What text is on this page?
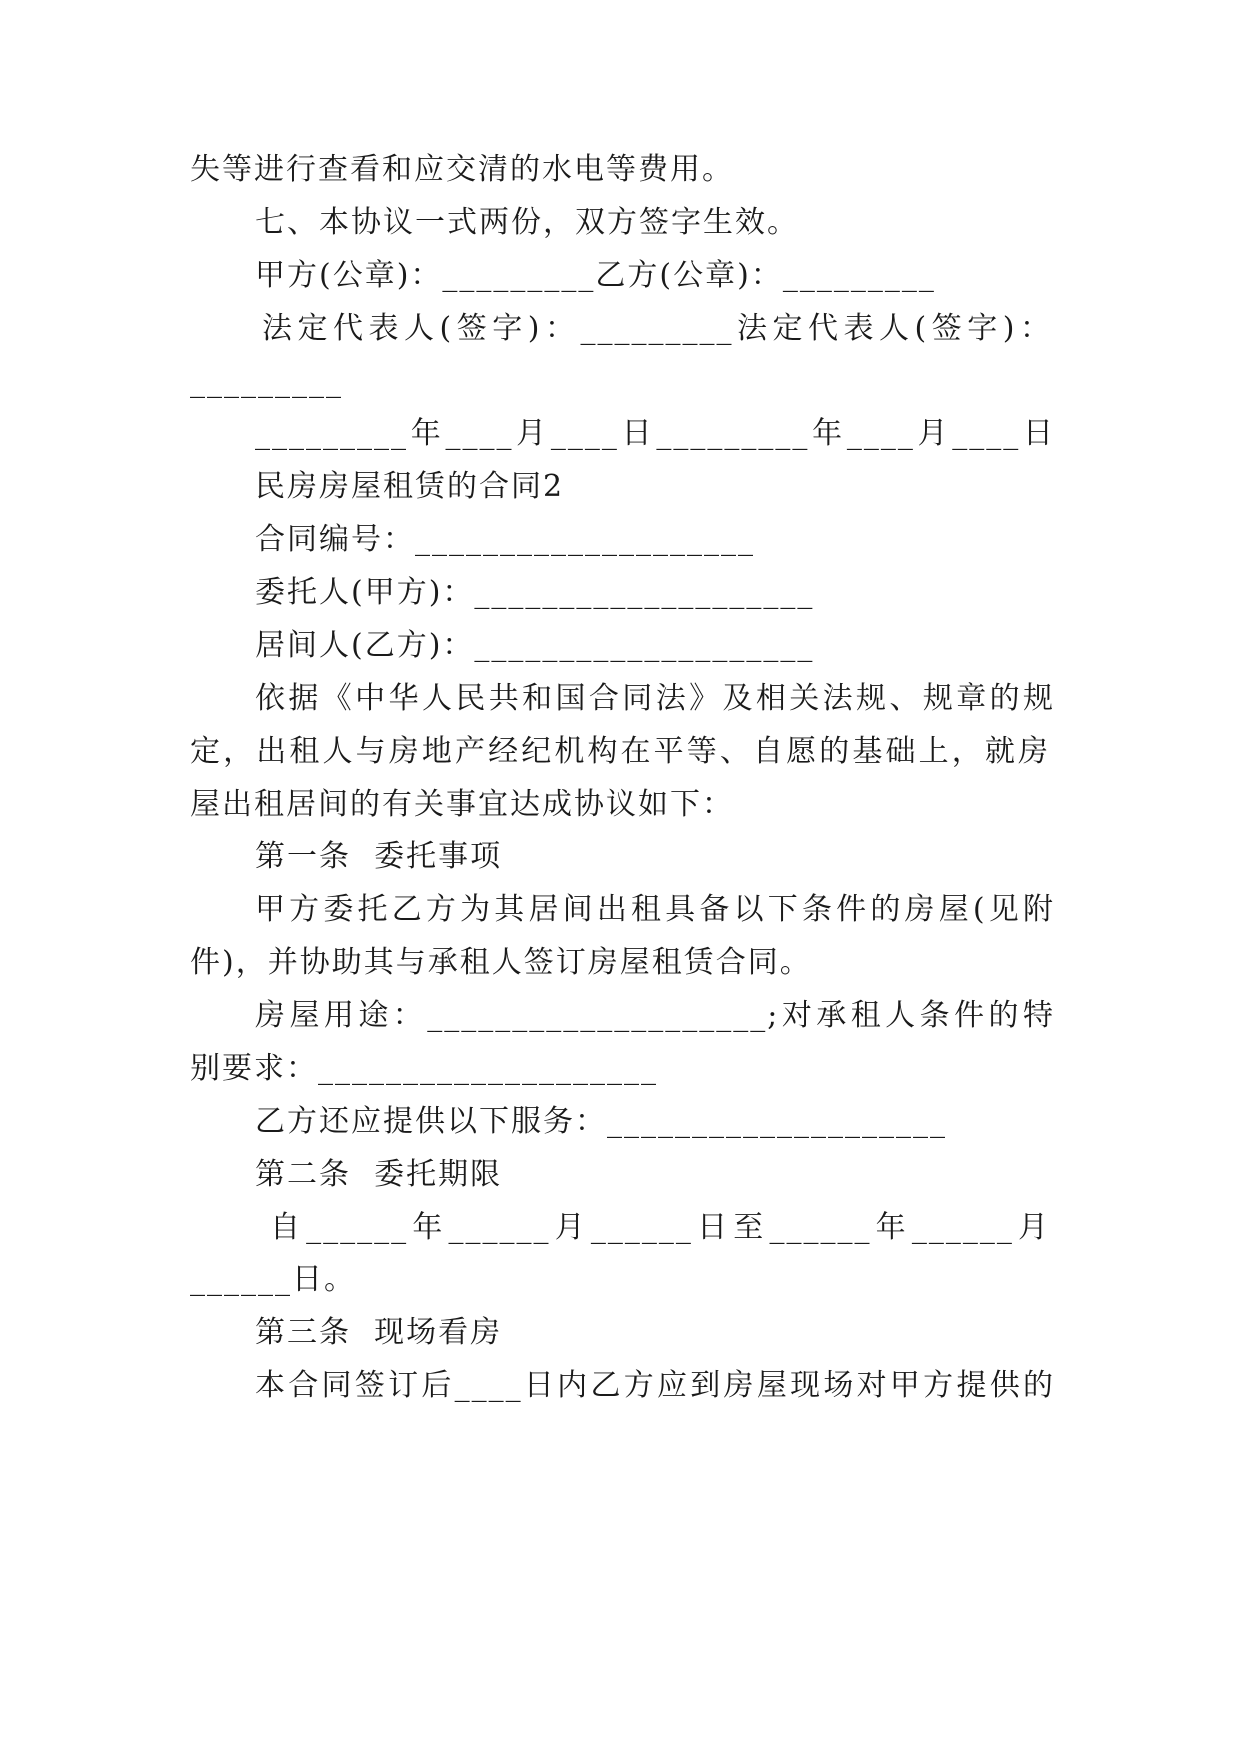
失等进行查看和应交清的水电等费用。
七、本协议一式两份，双方签字生效。
甲方(公章)：_________乙方(公章)：_________
法定代表人(签字)：_________法定代表人(签字)：
_________
_________年____月____日_________年____月____日
民房房屋租赁的合同2
合同编号：____________________
委托人(甲方)：____________________
居间人(乙方)：____________________
依据《中华人民共和国合同法》及相关法规、规章的规
定，出租人与房地产经纪机构在平等、自愿的基础上，就房
屋出租居间的有关事宜达成协议如下：
第一条  委托事项
甲方委托乙方为其居间出租具备以下条件的房屋(见附
件)，并协助其与承租人签订房屋租赁合同。
房屋用途：____________________;对承租人条件的特
别要求：____________________
乙方还应提供以下服务：____________________
第二条  委托期限
自______年______月______日至______年______月
______日。
第三条  现场看房
本合同签订后____日内乙方应到房屋现场对甲方提供的
